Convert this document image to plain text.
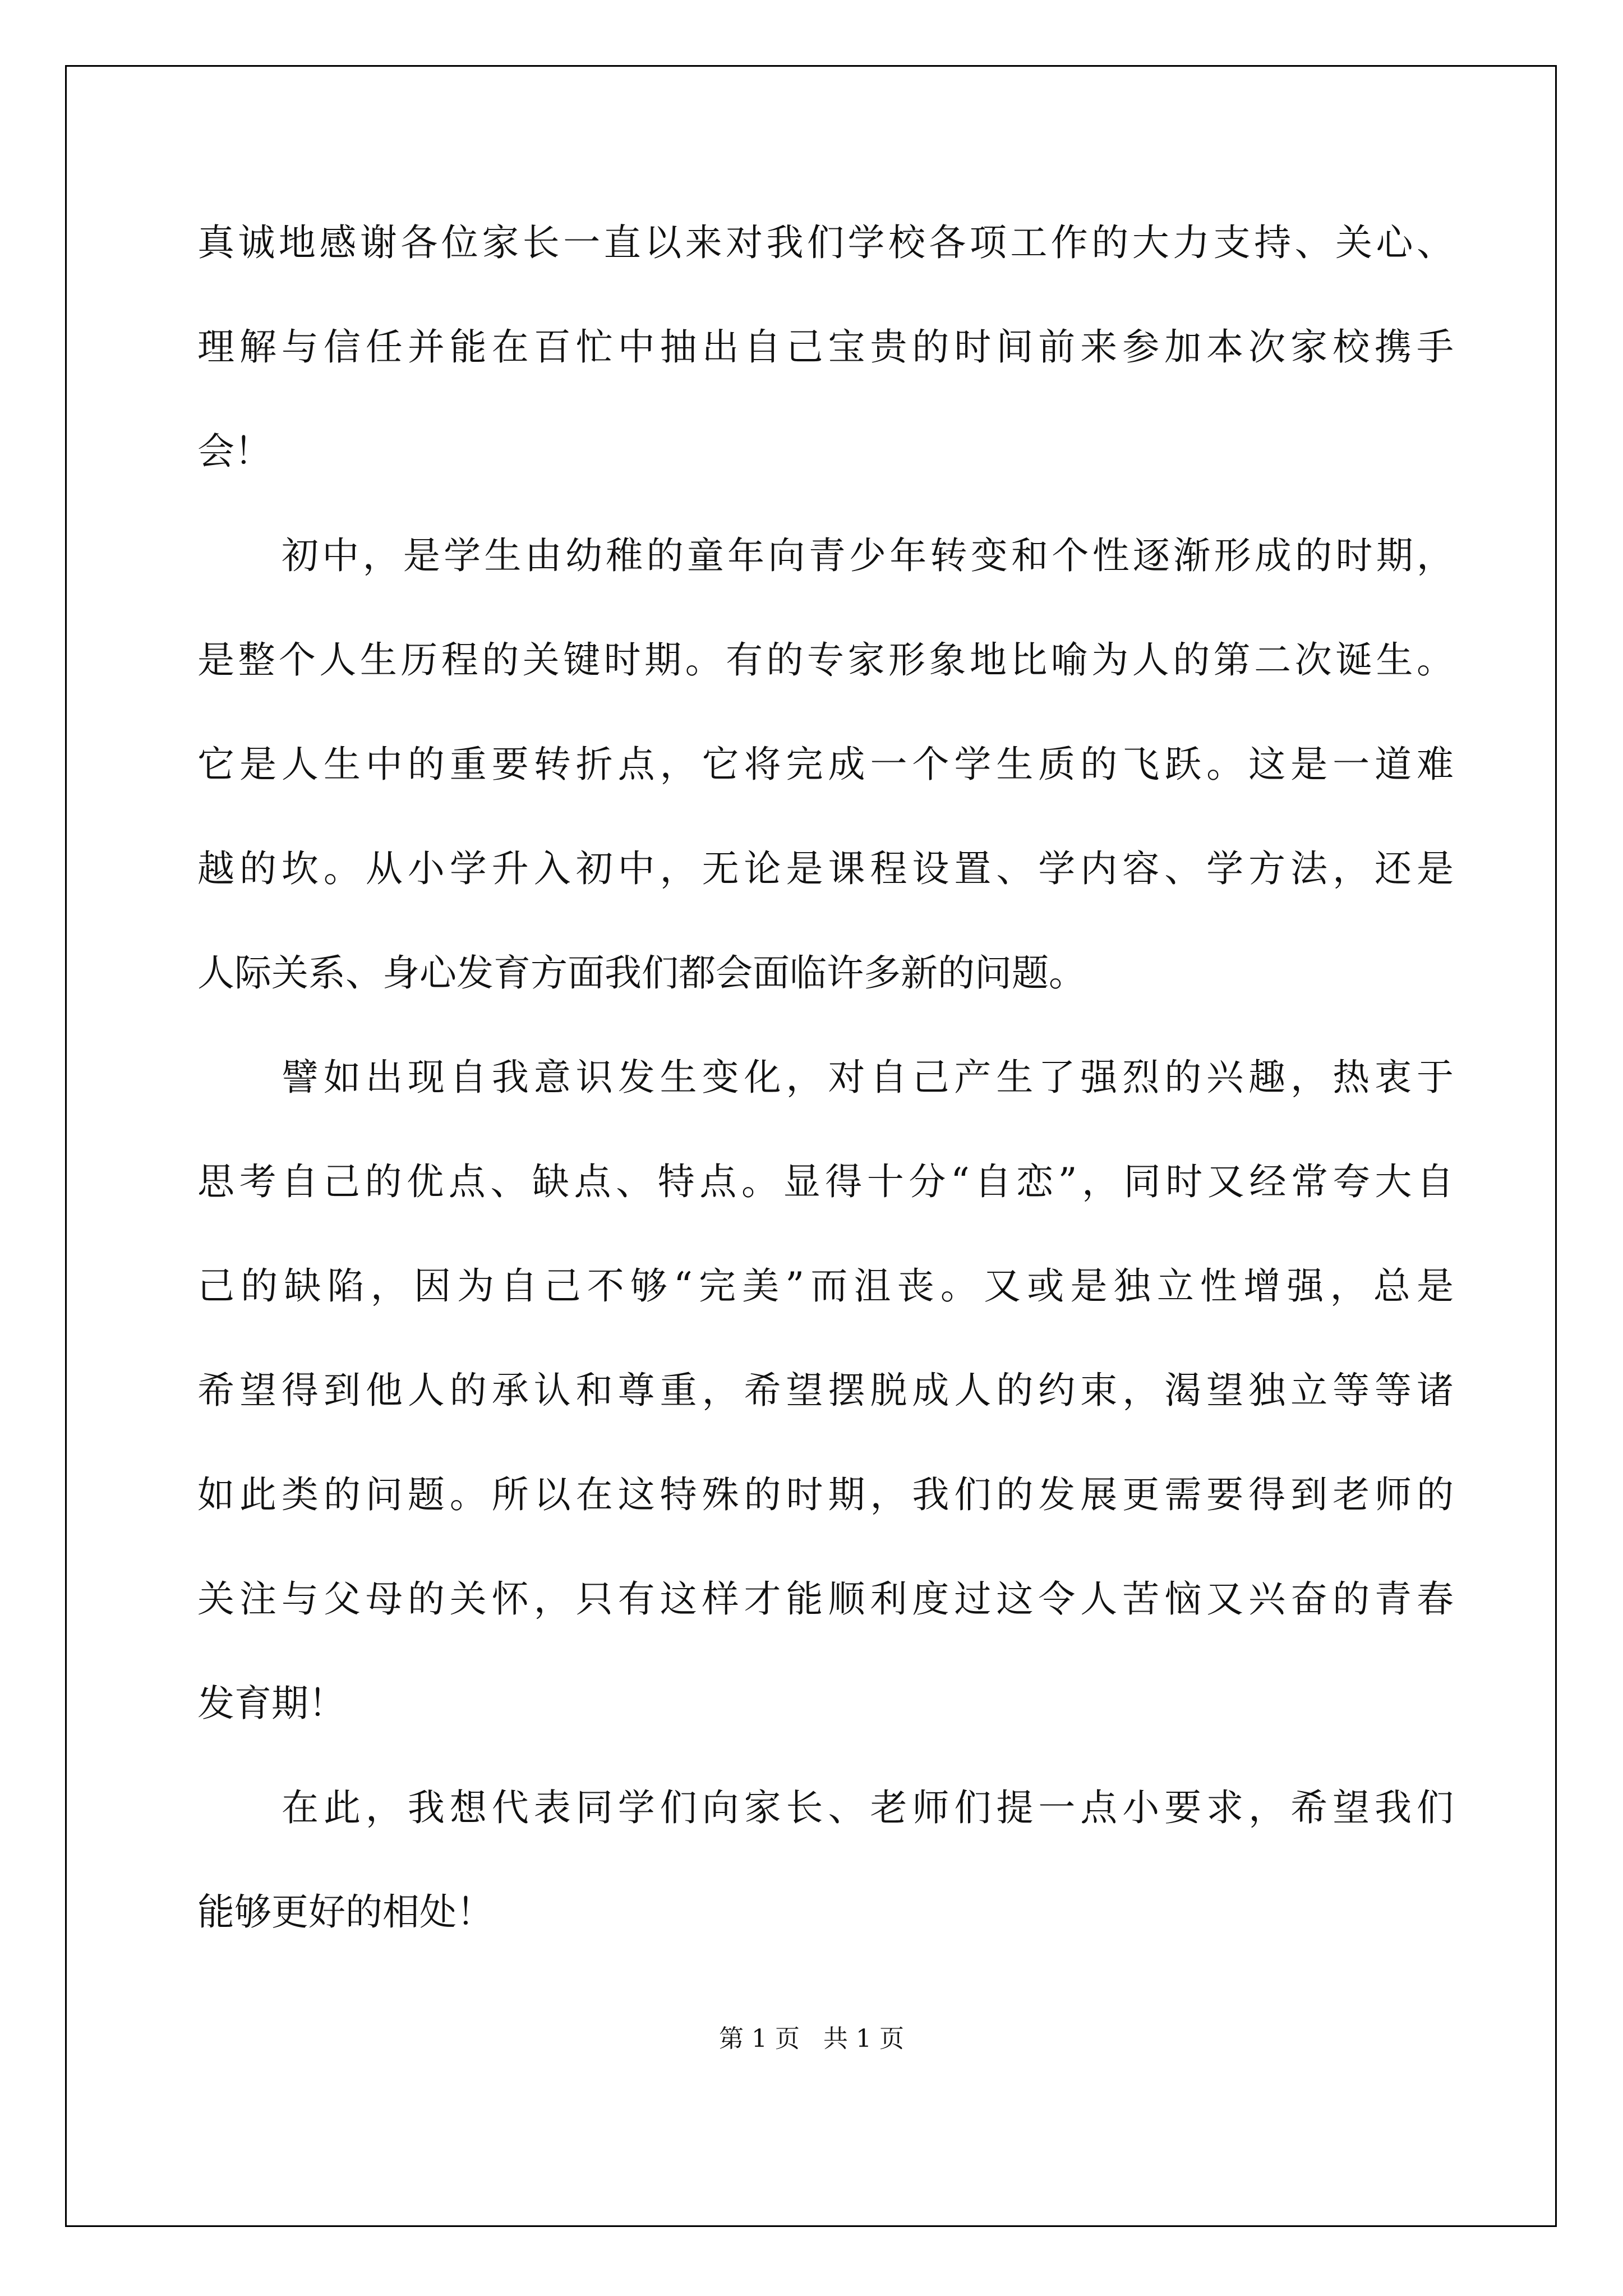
真诚地感谢各位家长一直以来对我们学校各项工作的大力支持、关心、
理解与信任并能在百忙中抽出自己宝贵的时间前来参加本次家校携手
会！
初中，是学生由幼稚的童年向青少年转变和个性逐渐形成的时期，
是整个人生历程的关键时期。有的专家形象地比喻为人的第二次诞生。
它是人生中的重要转折点，它将完成一个学生质的飞跃。这是一道难
越的坎。从小学升入初中，无论是课程设置、学内容、学方法，还是
人际关系、身心发育方面我们都会面临许多新的问题。
譬如出现自我意识发生变化，对自己产生了强烈的兴趣，热衷于
思考自己的优点、缺点、特点。显得十分“自恋”，同时又经常夸大自
己的缺陷，因为自己不够“完美”而沮丧。又或是独立性增强，总是
希望得到他人的承认和尊重，希望摆脱成人的约束，渴望独立等等诸
如此类的问题。所以在这特殊的时期，我们的发展更需要得到老师的
关注与父母的关怀，只有这样才能顺利度过这令人苦恼又兴奋的青春
发育期！
在此，我想代表同学们向家长、老师们提一点小要求，希望我们
能够更好的相处！
第 1 页   共 1 页
